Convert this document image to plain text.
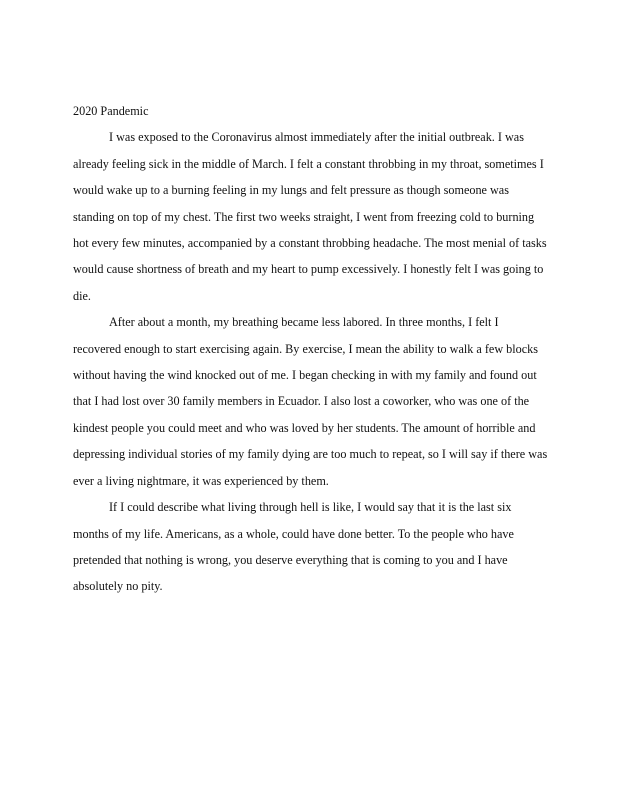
2020 Pandemic
I was exposed to the Coronavirus almost immediately after the initial outbreak. I was
already feeling sick in the middle of March. I felt a constant throbbing in my throat, sometimes I
would wake up to a burning feeling in my lungs and felt pressure as though someone was
standing on top of my chest. The first two weeks straight, I went from freezing cold to burning
hot every few minutes, accompanied by a constant throbbing headache. The most menial of tasks
would cause shortness of breath and my heart to pump excessively. I honestly felt I was going to
die.
After about a month, my breathing became less labored. In three months, I felt I
recovered enough to start exercising again. By exercise, I mean the ability to walk a few blocks
without having the wind knocked out of me. I began checking in with my family and found out
that I had lost over 30 family members in Ecuador. I also lost a coworker, who was one of the
kindest people you could meet and who was loved by her students. The amount of horrible and
depressing individual stories of my family dying are too much to repeat, so I will say if there was
ever a living nightmare, it was experienced by them.
If I could describe what living through hell is like, I would say that it is the last six
months of my life. Americans, as a whole, could have done better. To the people who have
pretended that nothing is wrong, you deserve everything that is coming to you and I have
absolutely no pity.
